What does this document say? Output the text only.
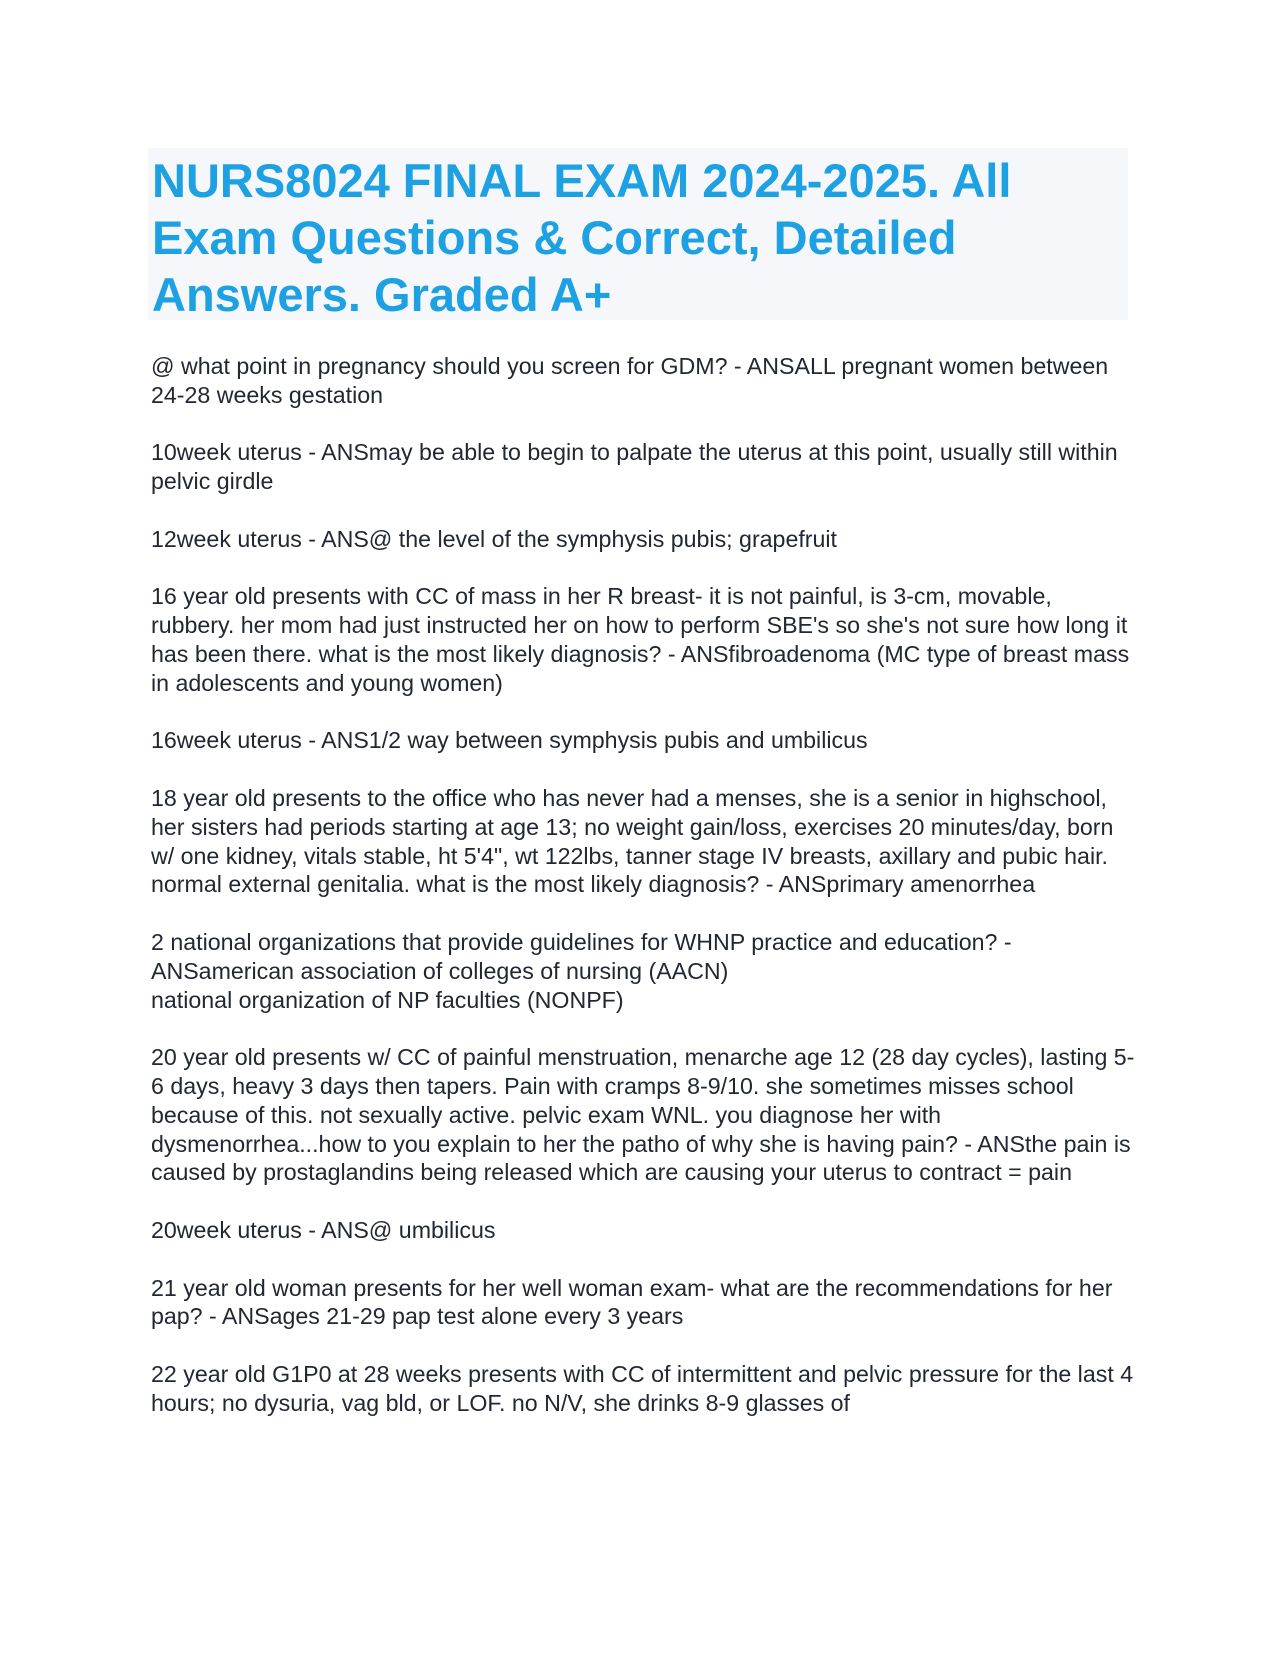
NURS8024 FINAL EXAM 2024-2025. All Exam Questions & Correct, Detailed Answers. Graded A+

@ what point in pregnancy should you screen for GDM? - ANSALL pregnant women between 24-28 weeks gestation

10week uterus - ANSmay be able to begin to palpate the uterus at this point, usually still within pelvic girdle

12week uterus - ANS@ the level of the symphysis pubis; grapefruit

16 year old presents with CC of mass in her R breast- it is not painful, is 3-cm, movable, rubbery. her mom had just instructed her on how to perform SBE's so she's not sure how long it has been there. what is the most likely diagnosis? - ANSfibroadenoma (MC type of breast mass in adolescents and young women)

16week uterus - ANS1/2 way between symphysis pubis and umbilicus

18 year old presents to the office who has never had a menses, she is a senior in highschool, her sisters had periods starting at age 13; no weight gain/loss, exercises 20 minutes/day, born w/ one kidney, vitals stable, ht 5'4", wt 122lbs, tanner stage IV breasts, axillary and pubic hair. normal external genitalia. what is the most likely diagnosis? - ANSprimary amenorrhea

2 national organizations that provide guidelines for WHNP practice and education? - ANSamerican association of colleges of nursing (AACN)
national organization of NP faculties (NONPF)

20 year old presents w/ CC of painful menstruation, menarche age 12 (28 day cycles), lasting 5-6 days, heavy 3 days then tapers. Pain with cramps 8-9/10. she sometimes misses school because of this. not sexually active. pelvic exam WNL. you diagnose her with dysmenorrhea...how to you explain to her the patho of why she is having pain? - ANSthe pain is caused by prostaglandins being released which are causing your uterus to contract = pain

20week uterus - ANS@ umbilicus

21 year old woman presents for her well woman exam- what are the recommendations for her pap? - ANSages 21-29 pap test alone every 3 years

22 year old G1P0 at 28 weeks presents with CC of intermittent and pelvic pressure for the last 4 hours; no dysuria, vag bld, or LOF. no N/V, she drinks 8-9 glasses of
